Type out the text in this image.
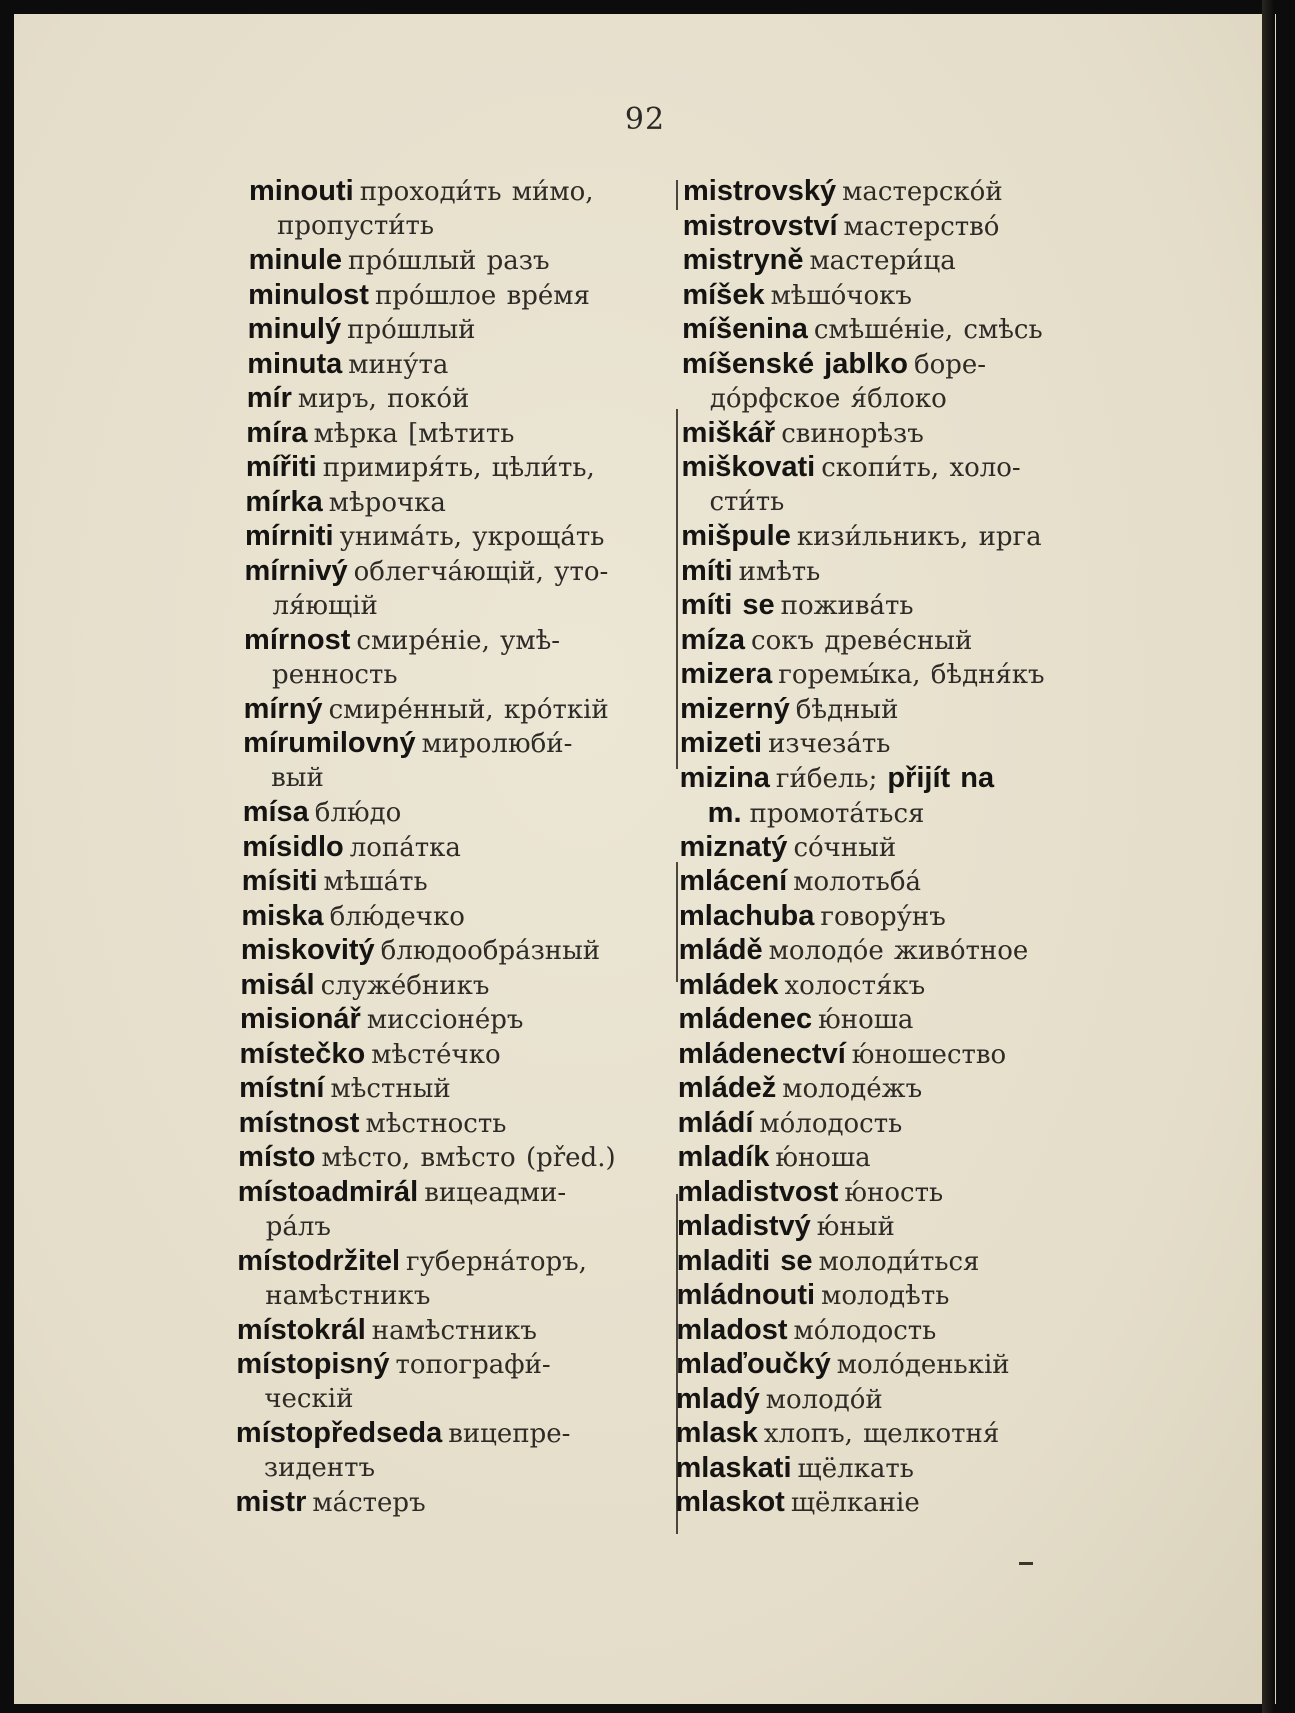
92
minouti проходи́ть ми́мо,
пропусти́ть
minule про́шлый разъ
minulost про́шлое вре́мя
minulý про́шлый
minuta мину́та
mír миръ, поко́й
míra мѣрка [мѣтить
mířiti примиря́ть, цѣли́ть,
mírka мѣрочка
mírniti унима́ть, укроща́ть
mírnivý облегча́ющій, уто-
ля́ющій
mírnost смире́ніе, умѣ-
ренность
mírný смире́нный, кро́ткій
mírumilovný миролюби́-
вый
mísa блю́до
mísidlo лопа́тка
mísiti мѣша́ть
miska блю́дечко
miskovitý блюдообра́зный
misál служе́бникъ
misionář миссіоне́ръ
místečko мѣсте́чко
místní мѣстный
místnost мѣстность
místo мѣсто, вмѣсто (před.)
místoadmirál вицеадми-
ра́лъ
místodržitel губерна́торъ,
намѣстникъ
místokrál намѣстникъ
místopisný топографи́-
ческій
místopředseda вицепре-
зидентъ
mistr ма́стеръ
mistrovský мастерско́й
mistrovství мастерство́
mistryně мастери́ца
míšek мѣшо́чокъ
míšenina смѣше́ніе, смѣсь
míšenské jablko боре-
до́рфское я́блоко
miškář свинорѣзъ
miškovati скопи́ть, холо-
сти́ть
mišpule кизи́льникъ, ирга
míti имѣть
míti se пожива́ть
míza сокъ древе́сный
mizera горемы́ка, бѣдня́къ
mizerný бѣдный
mizeti изчеза́ть
mizina ги́бель; přijít na
m. промота́ться
miznatý со́чный
mlácení молотьба́
mlachuba говору́нъ
mládě молодо́е живо́тное
mládek холостя́къ
mládenec ю́ноша
mládenectví ю́ношество
mládež молоде́жъ
mládí мо́лодость
mladík ю́ноша
mladistvost ю́ность
mladistvý ю́ный
mladiti se молоди́ться
mládnouti молодѣть
mladost мо́лодость
mlaďoučký моло́денькій
mladý молодо́й
mlask хлопъ, щелкотня́
mlaskati щёлкать
mlaskot щёлканіе
